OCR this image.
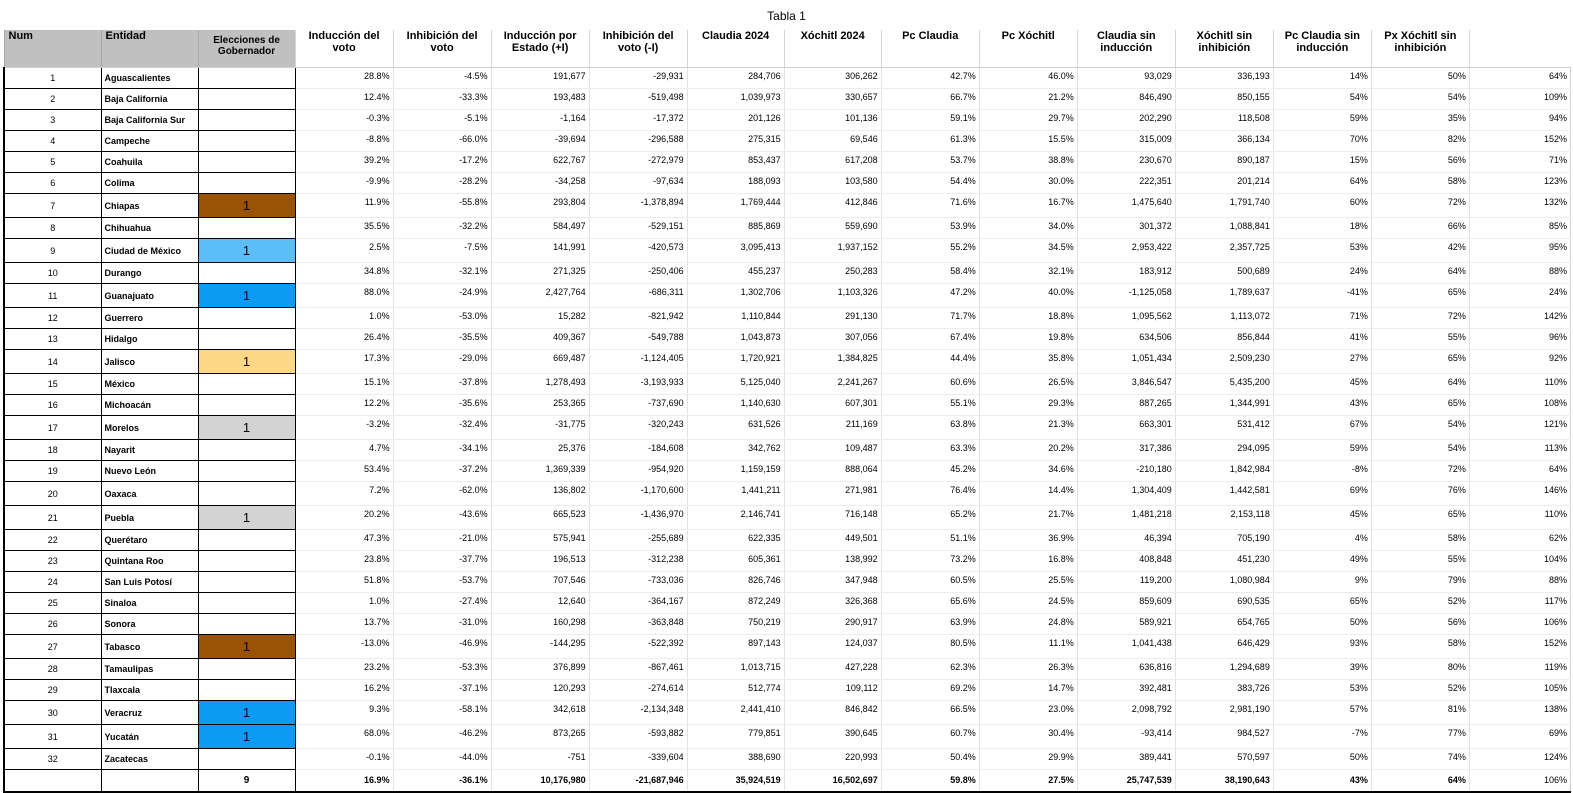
Tabla 1
Num	Entidad	Elecciones de Gobernador	Inducción del voto	Inhibición del voto	Inducción por Estado (+I)	Inhibición del voto (-I)	Claudia 2024	Xóchitl 2024	Pc Claudia	Pc Xóchitl	Claudia sin inducción	Xóchitl sin inhibición	Pc Claudia sin inducción	Px Xóchitl sin inhibición	
1	Aguascalientes		28.8%	-4.5%	191,677	-29,931	284,706	306,262	42.7%	46.0%	93,029	336,193	14%	50%	64%
2	Baja California		12.4%	-33.3%	193,483	-519,498	1,039,973	330,657	66.7%	21.2%	846,490	850,155	54%	54%	109%
3	Baja California Sur		-0.3%	-5.1%	-1,164	-17,372	201,126	101,136	59.1%	29.7%	202,290	118,508	59%	35%	94%
4	Campeche		-8.8%	-66.0%	-39,694	-296,588	275,315	69,546	61.3%	15.5%	315,009	366,134	70%	82%	152%
5	Coahuila		39.2%	-17.2%	622,767	-272,979	853,437	617,208	53.7%	38.8%	230,670	890,187	15%	56%	71%
6	Colima		-9.9%	-28.2%	-34,258	-97,634	188,093	103,580	54.4%	30.0%	222,351	201,214	64%	58%	123%
7	Chiapas	1	11.9%	-55.8%	293,804	-1,378,894	1,769,444	412,846	71.6%	16.7%	1,475,640	1,791,740	60%	72%	132%
8	Chihuahua		35.5%	-32.2%	584,497	-529,151	885,869	559,690	53.9%	34.0%	301,372	1,088,841	18%	66%	85%
9	Ciudad de México	1	2.5%	-7.5%	141,991	-420,573	3,095,413	1,937,152	55.2%	34.5%	2,953,422	2,357,725	53%	42%	95%
10	Durango		34.8%	-32.1%	271,325	-250,406	455,237	250,283	58.4%	32.1%	183,912	500,689	24%	64%	88%
11	Guanajuato	1	88.0%	-24.9%	2,427,764	-686,311	1,302,706	1,103,326	47.2%	40.0%	-1,125,058	1,789,637	-41%	65%	24%
12	Guerrero		1.0%	-53.0%	15,282	-821,942	1,110,844	291,130	71.7%	18.8%	1,095,562	1,113,072	71%	72%	142%
13	Hidalgo		26.4%	-35.5%	409,367	-549,788	1,043,873	307,056	67.4%	19.8%	634,506	856,844	41%	55%	96%
14	Jalisco	1	17.3%	-29.0%	669,487	-1,124,405	1,720,921	1,384,825	44.4%	35.8%	1,051,434	2,509,230	27%	65%	92%
15	México		15.1%	-37.8%	1,278,493	-3,193,933	5,125,040	2,241,267	60.6%	26.5%	3,846,547	5,435,200	45%	64%	110%
16	Michoacán		12.2%	-35.6%	253,365	-737,690	1,140,630	607,301	55.1%	29.3%	887,265	1,344,991	43%	65%	108%
17	Morelos	1	-3.2%	-32.4%	-31,775	-320,243	631,526	211,169	63.8%	21.3%	663,301	531,412	67%	54%	121%
18	Nayarit		4.7%	-34.1%	25,376	-184,608	342,762	109,487	63.3%	20.2%	317,386	294,095	59%	54%	113%
19	Nuevo León		53.4%	-37.2%	1,369,339	-954,920	1,159,159	888,064	45.2%	34.6%	-210,180	1,842,984	-8%	72%	64%
20	Oaxaca		7.2%	-62.0%	136,802	-1,170,600	1,441,211	271,981	76.4%	14.4%	1,304,409	1,442,581	69%	76%	146%
21	Puebla	1	20.2%	-43.6%	665,523	-1,436,970	2,146,741	716,148	65.2%	21.7%	1,481,218	2,153,118	45%	65%	110%
22	Querétaro		47.3%	-21.0%	575,941	-255,689	622,335	449,501	51.1%	36.9%	46,394	705,190	4%	58%	62%
23	Quintana Roo		23.8%	-37.7%	196,513	-312,238	605,361	138,992	73.2%	16.8%	408,848	451,230	49%	55%	104%
24	San Luis Potosí		51.8%	-53.7%	707,546	-733,036	826,746	347,948	60.5%	25.5%	119,200	1,080,984	9%	79%	88%
25	Sinaloa		1.0%	-27.4%	12,640	-364,167	872,249	326,368	65.6%	24.5%	859,609	690,535	65%	52%	117%
26	Sonora		13.7%	-31.0%	160,298	-363,848	750,219	290,917	63.9%	24.8%	589,921	654,765	50%	56%	106%
27	Tabasco	1	-13.0%	-46.9%	-144,295	-522,392	897,143	124,037	80.5%	11.1%	1,041,438	646,429	93%	58%	152%
28	Tamaulipas		23.2%	-53.3%	376,899	-867,461	1,013,715	427,228	62.3%	26.3%	636,816	1,294,689	39%	80%	119%
29	Tlaxcala		16.2%	-37.1%	120,293	-274,614	512,774	109,112	69.2%	14.7%	392,481	383,726	53%	52%	105%
30	Veracruz	1	9.3%	-58.1%	342,618	-2,134,348	2,441,410	846,842	66.5%	23.0%	2,098,792	2,981,190	57%	81%	138%
31	Yucatán	1	68.0%	-46.2%	873,265	-593,882	779,851	390,645	60.7%	30.4%	-93,414	984,527	-7%	77%	69%
32	Zacatecas		-0.1%	-44.0%	-751	-339,604	388,690	220,993	50.4%	29.9%	389,441	570,597	50%	74%	124%
		9	16.9%	-36.1%	10,176,980	-21,687,946	35,924,519	16,502,697	59.8%	27.5%	25,747,539	38,190,643	43%	64%	106%
